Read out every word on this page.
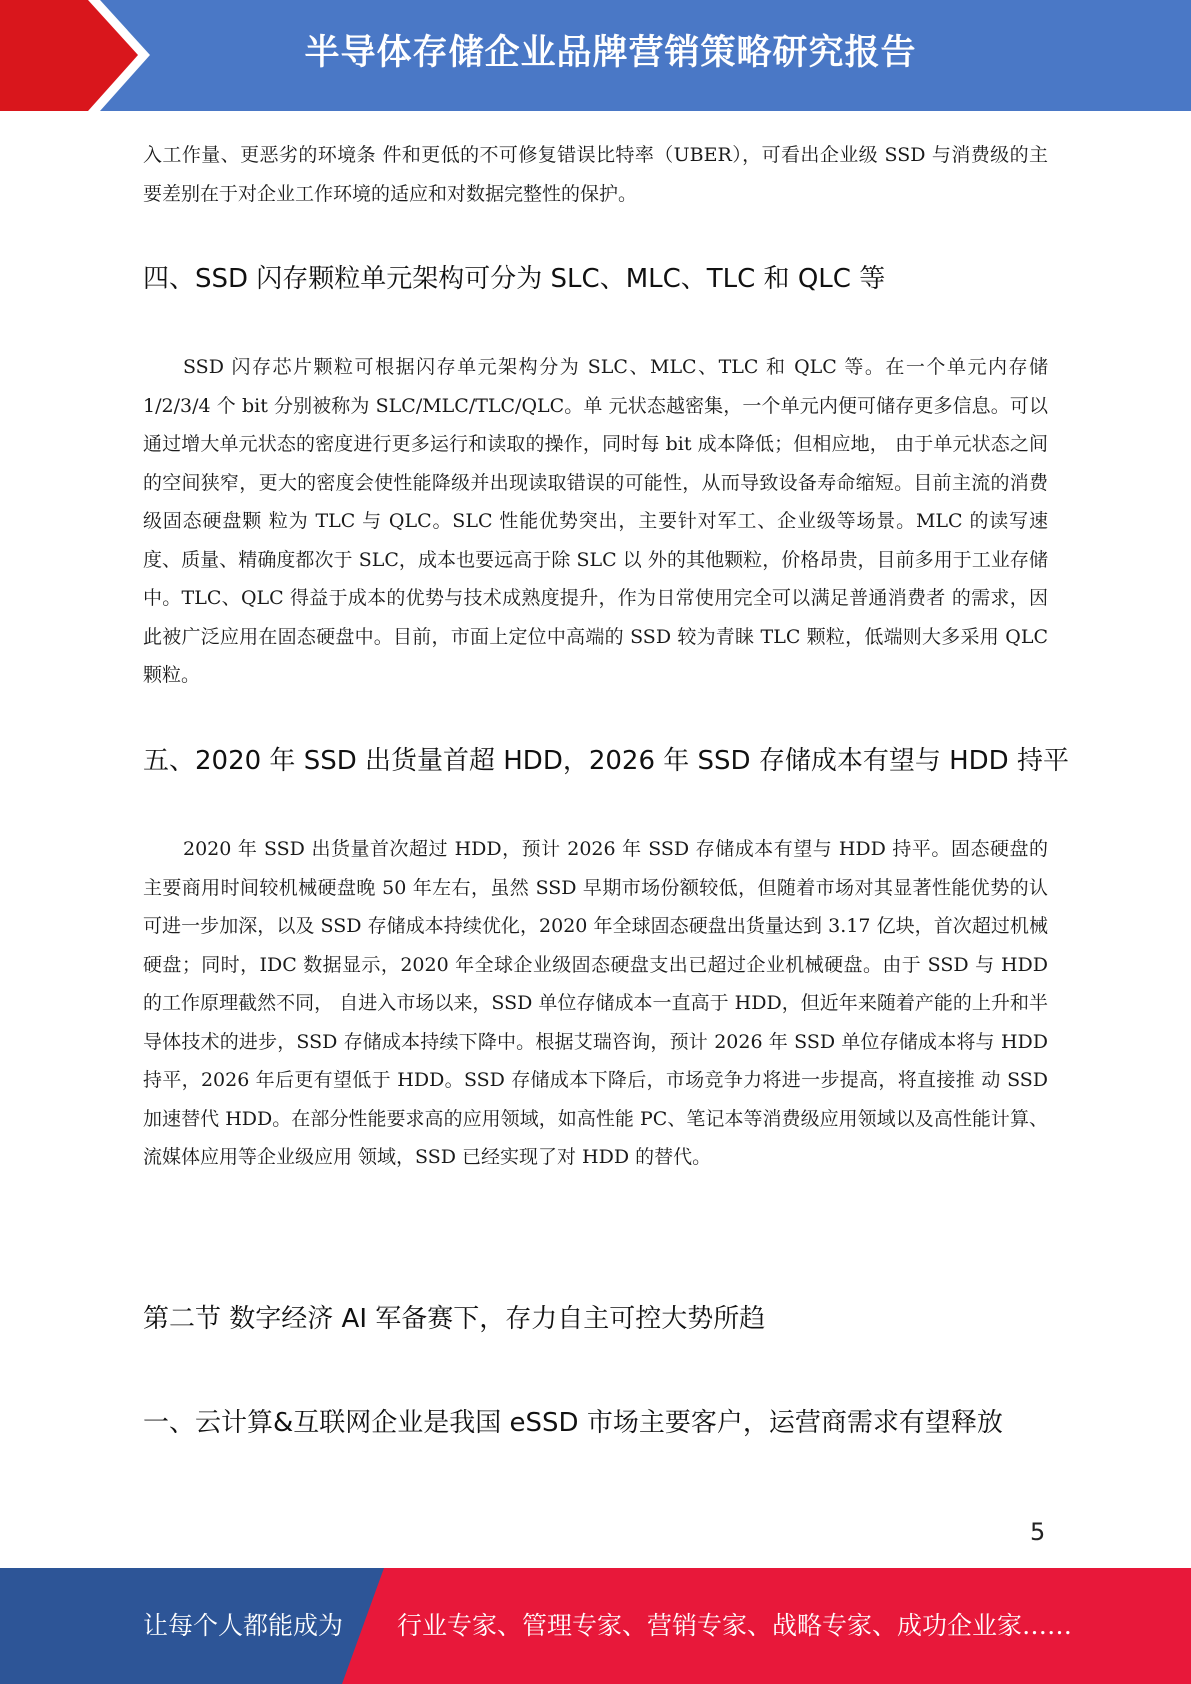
半导体存储企业品牌营销策略研究报告

入工作量、更恶劣的环境条 件和更低的不可修复错误比特率（UBER），可看出企业级 SSD 与消费级的主要差别在于对企业工作环境的适应和对数据完整性的保护。

四、SSD 闪存颗粒单元架构可分为 SLC、MLC、TLC 和 QLC 等

SSD 闪存芯片颗粒可根据闪存单元架构分为 SLC、MLC、TLC 和 QLC 等。在一个单元内存储 1/2/3/4 个 bit 分别被称为 SLC/MLC/TLC/QLC。单 元状态越密集，一个单元内便可储存更多信息。可以通过增大单元状态的密度进行更多运行和读取的操作，同时每 bit 成本降低；但相应地， 由于单元状态之间的空间狭窄，更大的密度会使性能降级并出现读取错误的可能性，从而导致设备寿命缩短。目前主流的消费级固态硬盘颗 粒为 TLC 与 QLC。SLC 性能优势突出，主要针对军工、企业级等场景。MLC 的读写速度、质量、精确度都次于 SLC，成本也要远高于除 SLC 以 外的其他颗粒，价格昂贵，目前多用于工业存储中。TLC、QLC 得益于成本的优势与技术成熟度提升，作为日常使用完全可以满足普通消费者 的需求，因此被广泛应用在固态硬盘中。目前，市面上定位中高端的 SSD 较为青睐 TLC 颗粒，低端则大多采用 QLC 颗粒。

五、2020 年 SSD 出货量首超 HDD，2026 年 SSD 存储成本有望与 HDD 持平

2020 年 SSD 出货量首次超过 HDD，预计 2026 年 SSD 存储成本有望与 HDD 持平。固态硬盘的主要商用时间较机械硬盘晚 50 年左右，虽然 SSD 早期市场份额较低，但随着市场对其显著性能优势的认可进一步加深，以及 SSD 存储成本持续优化，2020 年全球固态硬盘出货量达到 3.17 亿块，首次超过机械硬盘；同时，IDC 数据显示，2020 年全球企业级固态硬盘支出已超过企业机械硬盘。由于 SSD 与 HDD 的工作原理截然不同， 自进入市场以来，SSD 单位存储成本一直高于 HDD，但近年来随着产能的上升和半导体技术的进步，SSD 存储成本持续下降中。根据艾瑞咨询，预计 2026 年 SSD 单位存储成本将与 HDD 持平，2026 年后更有望低于 HDD。SSD 存储成本下降后，市场竞争力将进一步提高，将直接推 动 SSD 加速替代 HDD。在部分性能要求高的应用领域，如高性能 PC、笔记本等消费级应用领域以及高性能计算、流媒体应用等企业级应用 领域，SSD 已经实现了对 HDD 的替代。

第二节 数字经济 AI 军备赛下，存力自主可控大势所趋
一、云计算&互联网企业是我国 eSSD 市场主要客户，运营商需求有望释放
5
让每个人都能成为 行业专家、管理专家、营销专家、战略专家、成功企业家……
